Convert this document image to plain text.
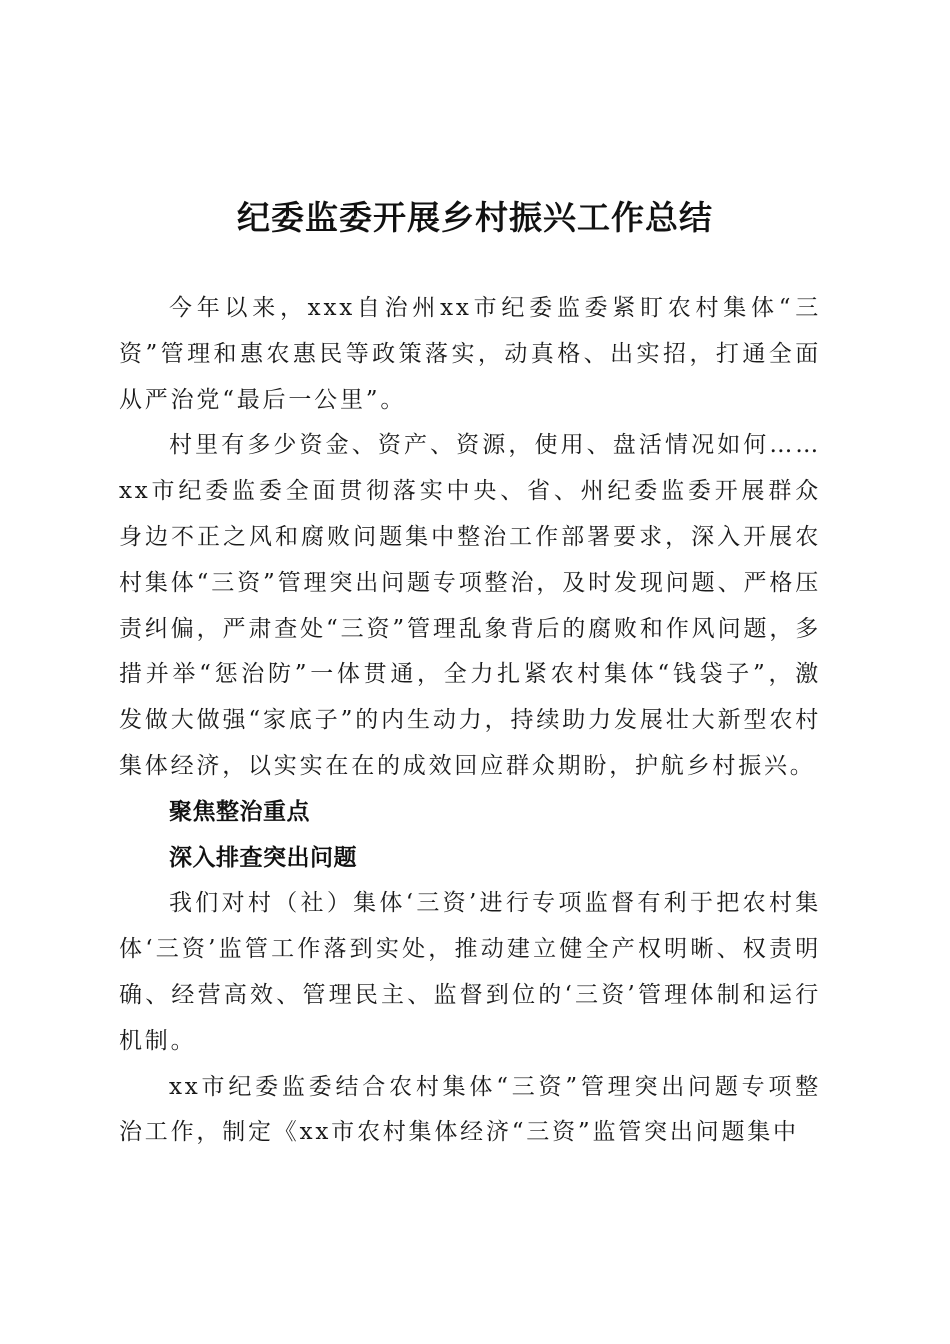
纪委监委开展乡村振兴工作总结

今年以来，xxx自治州xx市纪委监委紧盯农村集体“三资”管理和惠农惠民等政策落实，动真格、出实招，打通全面从严治党“最后一公里”。

村里有多少资金、资产、资源，使用、盘活情况如何……xx市纪委监委全面贯彻落实中央、省、州纪委监委开展群众身边不正之风和腐败问题集中整治工作部署要求，深入开展农村集体“三资”管理突出问题专项整治，及时发现问题、严格压责纠偏，严肃查处“三资”管理乱象背后的腐败和作风问题，多措并举“惩治防”一体贯通，全力扎紧农村集体“钱袋子”，激发做大做强“家底子”的内生动力，持续助力发展壮大新型农村集体经济，以实实在在的成效回应群众期盼，护航乡村振兴。

聚焦整治重点

深入排查突出问题

我们对村（社）集体‘三资’进行专项监督有利于把农村集体‘三资’监管工作落到实处，推动建立健全产权明晰、权责明确、经营高效、管理民主、监督到位的‘三资’管理体制和运行机制。

xx市纪委监委结合农村集体“三资”管理突出问题专项整治工作，制定《xx市农村集体经济“三资”监管突出问题集中
